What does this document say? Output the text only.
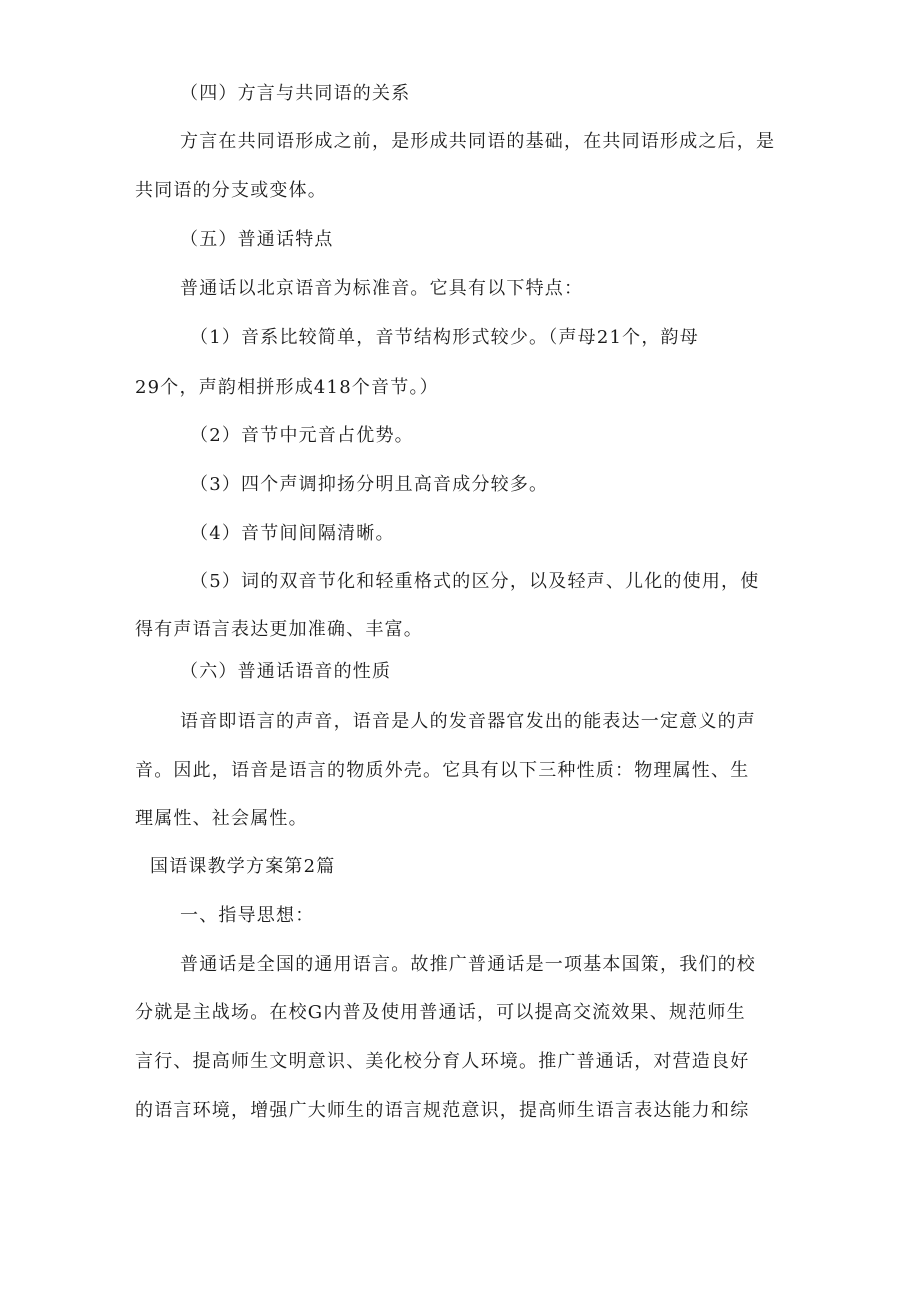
（四）方言与共同语的关系
方言在共同语形成之前，是形成共同语的基础，在共同语形成之后，是
共同语的分支或变体。
（五）普通话特点
普通话以北京语音为标准音。它具有以下特点：
（1）音系比较简单，音节结构形式较少。（声母21个，韵母
29个，声韵相拼形成418个音节。）
（2）音节中元音占优势。
（3）四个声调抑扬分明且高音成分较多。
（4）音节间间隔清晰。
（5）词的双音节化和轻重格式的区分，以及轻声、儿化的使用，使
得有声语言表达更加准确、丰富。
（六）普通话语音的性质
语音即语言的声音，语音是人的发音器官发出的能表达一定意义的声
音。因此，语音是语言的物质外壳。它具有以下三种性质：物理属性、生
理属性、社会属性。
国语课教学方案第2篇
一、指导思想：
普通话是全国的通用语言。故推广普通话是一项基本国策，我们的校
分就是主战场。在校G内普及使用普通话，可以提高交流效果、规范师生
言行、提高师生文明意识、美化校分育人环境。推广普通话，对营造良好
的语言环境，增强广大师生的语言规范意识，提高师生语言表达能力和综
